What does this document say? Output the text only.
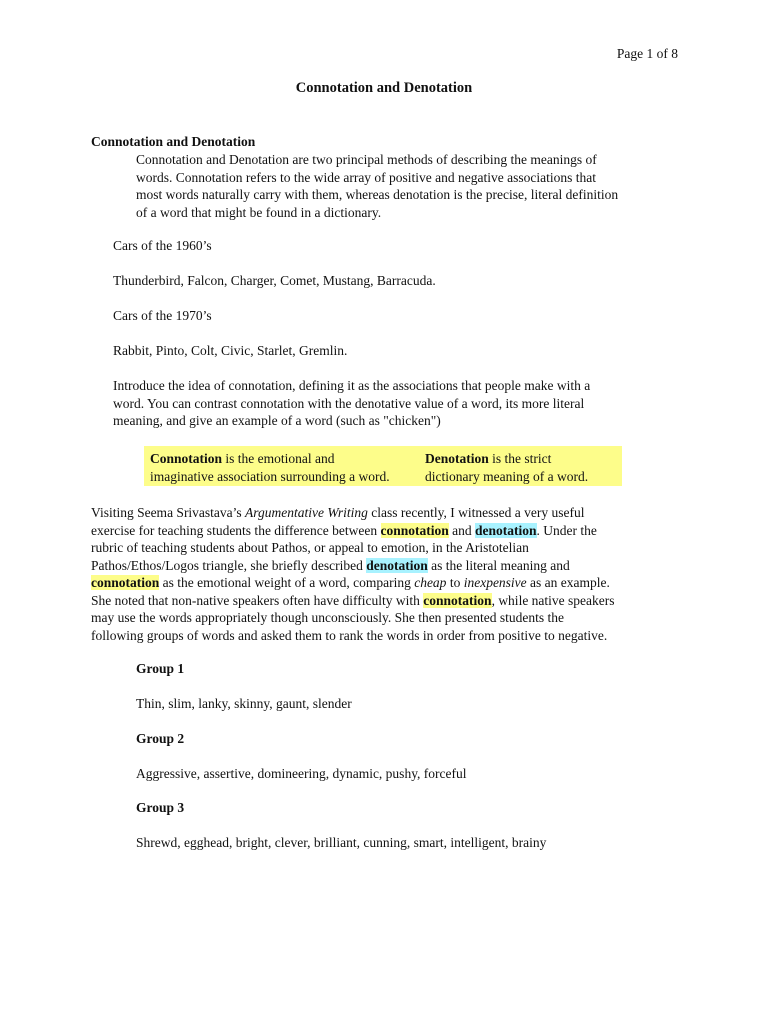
Page 1 of 8
Connotation and Denotation
Connotation and Denotation
Connotation and Denotation are two principal methods of describing the meanings of
words. Connotation refers to the wide array of positive and negative associations that
most words naturally carry with them, whereas denotation is the precise, literal definition
of a word that might be found in a dictionary.
Cars of the 1960’s
Thunderbird, Falcon, Charger, Comet, Mustang, Barracuda.
Cars of the 1970’s
Rabbit, Pinto, Colt, Civic, Starlet, Gremlin.
Introduce the idea of connotation, defining it as the associations that people make with a
word. You can contrast connotation with the denotative value of a word, its more literal
meaning, and give an example of a word (such as "chicken")
Connotation is the emotional and
imaginative association surrounding a word.
Denotation is the strict
dictionary meaning of a word.
Visiting Seema Srivastava’s Argumentative Writing class recently, I witnessed a very useful
exercise for teaching students the difference between connotation and denotation. Under the
rubric of teaching students about Pathos, or appeal to emotion, in the Aristotelian
Pathos/Ethos/Logos triangle, she briefly described denotation as the literal meaning and
connotation as the emotional weight of a word, comparing cheap to inexpensive as an example.
She noted that non-native speakers often have difficulty with connotation, while native speakers
may use the words appropriately though unconsciously. She then presented students the
following groups of words and asked them to rank the words in order from positive to negative.
Group 1
Thin, slim, lanky, skinny, gaunt, slender
Group 2
Aggressive, assertive, domineering, dynamic, pushy, forceful
Group 3
Shrewd, egghead, bright, clever, brilliant, cunning, smart, intelligent, brainy
